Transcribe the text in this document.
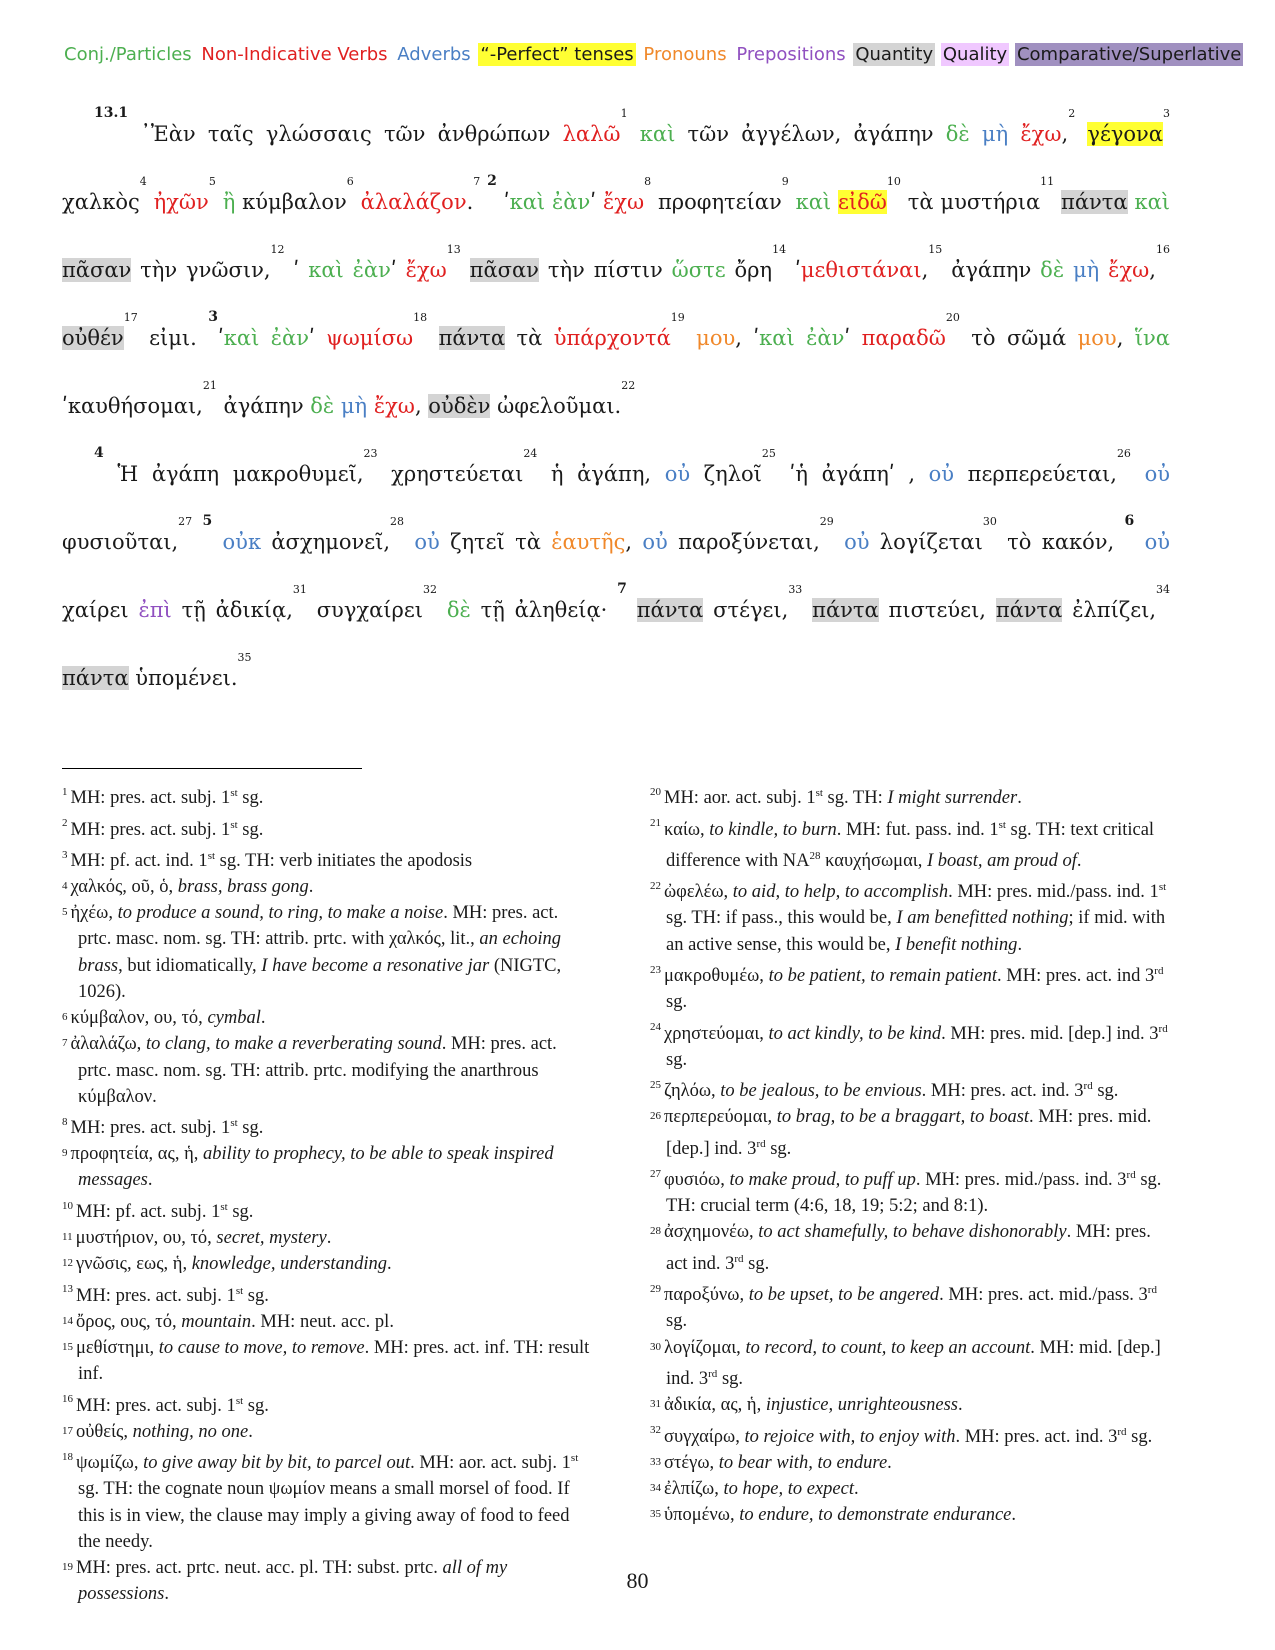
Conj./Particles Non-Indicative Verbs Adverbs “-Perfect” tenses Pronouns Prepositions Quantity Quality Comparative/Superlative

$^{13.1}$ ᾿Ἐὰν ταῖς γλώσσαις τῶν ἀνθρώπων λαλῶ$^1$ καὶ τῶν ἀγγέλων, ἀγάπην δὲ μὴ ἔχω,$^2$ γέγονα$^3$ χαλκὸς$^4$ ἠχῶν$^5$ ἢ κύμβαλον$^6$ ἀλαλάζον.$^7$ $^2$ ʹκαὶ ἐὰνʹ ἔχω$^8$ προφητείαν$^9$ καὶ εἰδῶ$^{10}$ τὰ μυστήρια$^{11}$ πάντα καὶ πᾶσαν τὴν γνῶσιν,$^{12}$ ʹ καὶ ἐὰνʹ ἔχω$^{13}$ πᾶσαν τὴν πίστιν ὥστε ὄρη$^{14}$ ʹμεθιστάναι,$^{15}$ ἀγάπην δὲ μὴ ἔχω,$^{16}$ οὐθέν$^{17}$ εἰμι. $^3$ʹκαὶ ἐὰνʹ ψωμίσω$^{18}$ πάντα τὰ ὑπάρχοντά$^{19}$ μου, ʹκαὶ ἐὰνʹ παραδῶ$^{20}$ τὸ σῶμά μου, ἵνα ʹκαυθήσομαι,$^{21}$ ἀγάπην δὲ μὴ ἔχω, οὐδὲν ὠφελοῦμαι.$^{22}$

$^4$ Ἡ ἀγάπη μακροθυμεῖ,$^{23}$ χρηστεύεται$^{24}$ ἡ ἀγάπη, οὐ ζηλοῖ$^{25}$ ʹἡ ἀγάπηʹ , οὐ περπερεύεται,$^{26}$ οὐ φυσιοῦται,$^{27}$ $^5$ οὐκ ἀσχημονεῖ,$^{28}$ οὐ ζητεῖ τὰ ἑαυτῆς, οὐ παροξύνεται,$^{29}$ οὐ λογίζεται$^{30}$ τὸ κακόν, $^6$ οὐ χαίρει ἐπὶ τῇ ἀδικίᾳ,$^{31}$ συγχαίρει$^{32}$ δὲ τῇ ἀληθείᾳ· $^7$ πάντα στέγει,$^{33}$ πάντα πιστεύει, πάντα ἐλπίζει,$^{34}$ πάντα ὑπομένει.$^{35}$

$^1$ MH: pres. act. subj. 1st sg.

$^2$ MH: pres. act. subj. 1st sg.

$^3$ MH: pf. act. ind. 1st sg. TH: verb initiates the apodosis

$^4$ χαλκός, οῦ, ὁ, brass, brass gong.

$^5$ ἠχέω, to produce a sound, to ring, to make a noise. MH: pres. act. prtc. masc. nom. sg. TH: attrib. prtc. with χαλκός, lit., an echoing brass, but idiomatically, I have become a resonative jar (NIGTC, 1026).

$^6$ κύμβαλον, ου, τό, cymbal.

$^7$ ἀλαλάζω, to clang, to make a reverberating sound. MH: pres. act. prtc. masc. nom. sg. TH: attrib. prtc. modifying the anarthrous κύμβαλον.

$^8$ MH: pres. act. subj. 1st sg.

$^9$ προφητεία, ας, ἡ, ability to prophecy, to be able to speak inspired messages.

$^{10}$ MH: pf. act. subj. 1st sg.

$^{11}$ μυστήριον, ου, τό, secret, mystery.

$^{12}$ γνῶσις, εως, ἡ, knowledge, understanding.

$^{13}$ MH: pres. act. subj. 1st sg.

$^{14}$ ὄρος, ους, τό, mountain. MH: neut. acc. pl.

$^{15}$ μεθίστημι, to cause to move, to remove. MH: pres. act. inf. TH: result inf.

$^{16}$ MH: pres. act. subj. 1st sg.

$^{17}$ οὐθείς, nothing, no one.

$^{18}$ ψωμίζω, to give away bit by bit, to parcel out. MH: aor. act. subj. 1st sg. TH: the cognate noun ψωμίον means a small morsel of food. If this is in view, the clause may imply a giving away of food to feed the needy.

$^{19}$ MH: pres. act. prtc. neut. acc. pl. TH: subst. prtc. all of my possessions.

$^{20}$ MH: aor. act. subj. 1st sg. TH: I might surrender.

$^{21}$ καίω, to kindle, to burn. MH: fut. pass. ind. 1st sg. TH: text critical difference with NA$^{28}$ καυχήσωμαι, I boast, am proud of.

$^{22}$ ὠφελέω, to aid, to help, to accomplish. MH: pres. mid./pass. ind. 1st sg. TH: if pass., this would be, I am benefitted nothing; if mid. with an active sense, this would be, I benefit nothing.

$^{23}$ μακροθυμέω, to be patient, to remain patient. MH: pres. act. ind 3rd sg.

$^{24}$ χρηστεύομαι, to act kindly, to be kind. MH: pres. mid. [dep.] ind. 3rd sg.

$^{25}$ ζηλόω, to be jealous, to be envious. MH: pres. act. ind. 3rd sg.

$^{26}$ περπερεύομαι, to brag, to be a braggart, to boast. MH: pres. mid. [dep.] ind. 3rd sg.

$^{27}$ φυσιόω, to make proud, to puff up. MH: pres. mid./pass. ind. 3rd sg. TH: crucial term (4:6, 18, 19; 5:2; and 8:1).

$^{28}$ ἀσχημονέω, to act shamefully, to behave dishonorably. MH: pres. act ind. 3rd sg.

$^{29}$ παροξύνω, to be upset, to be angered. MH: pres. act. mid./pass. 3rd sg.

$^{30}$ λογίζομαι, to record, to count, to keep an account. MH: mid. [dep.] ind. 3rd sg.

$^{31}$ ἀδικία, ας, ἡ, injustice, unrighteousness.

$^{32}$ συγχαίρω, to rejoice with, to enjoy with. MH: pres. act. ind. 3rd sg.

$^{33}$ στέγω, to bear with, to endure.

$^{34}$ ἐλπίζω, to hope, to expect.

$^{35}$ ὑπομένω, to endure, to demonstrate endurance.

80
